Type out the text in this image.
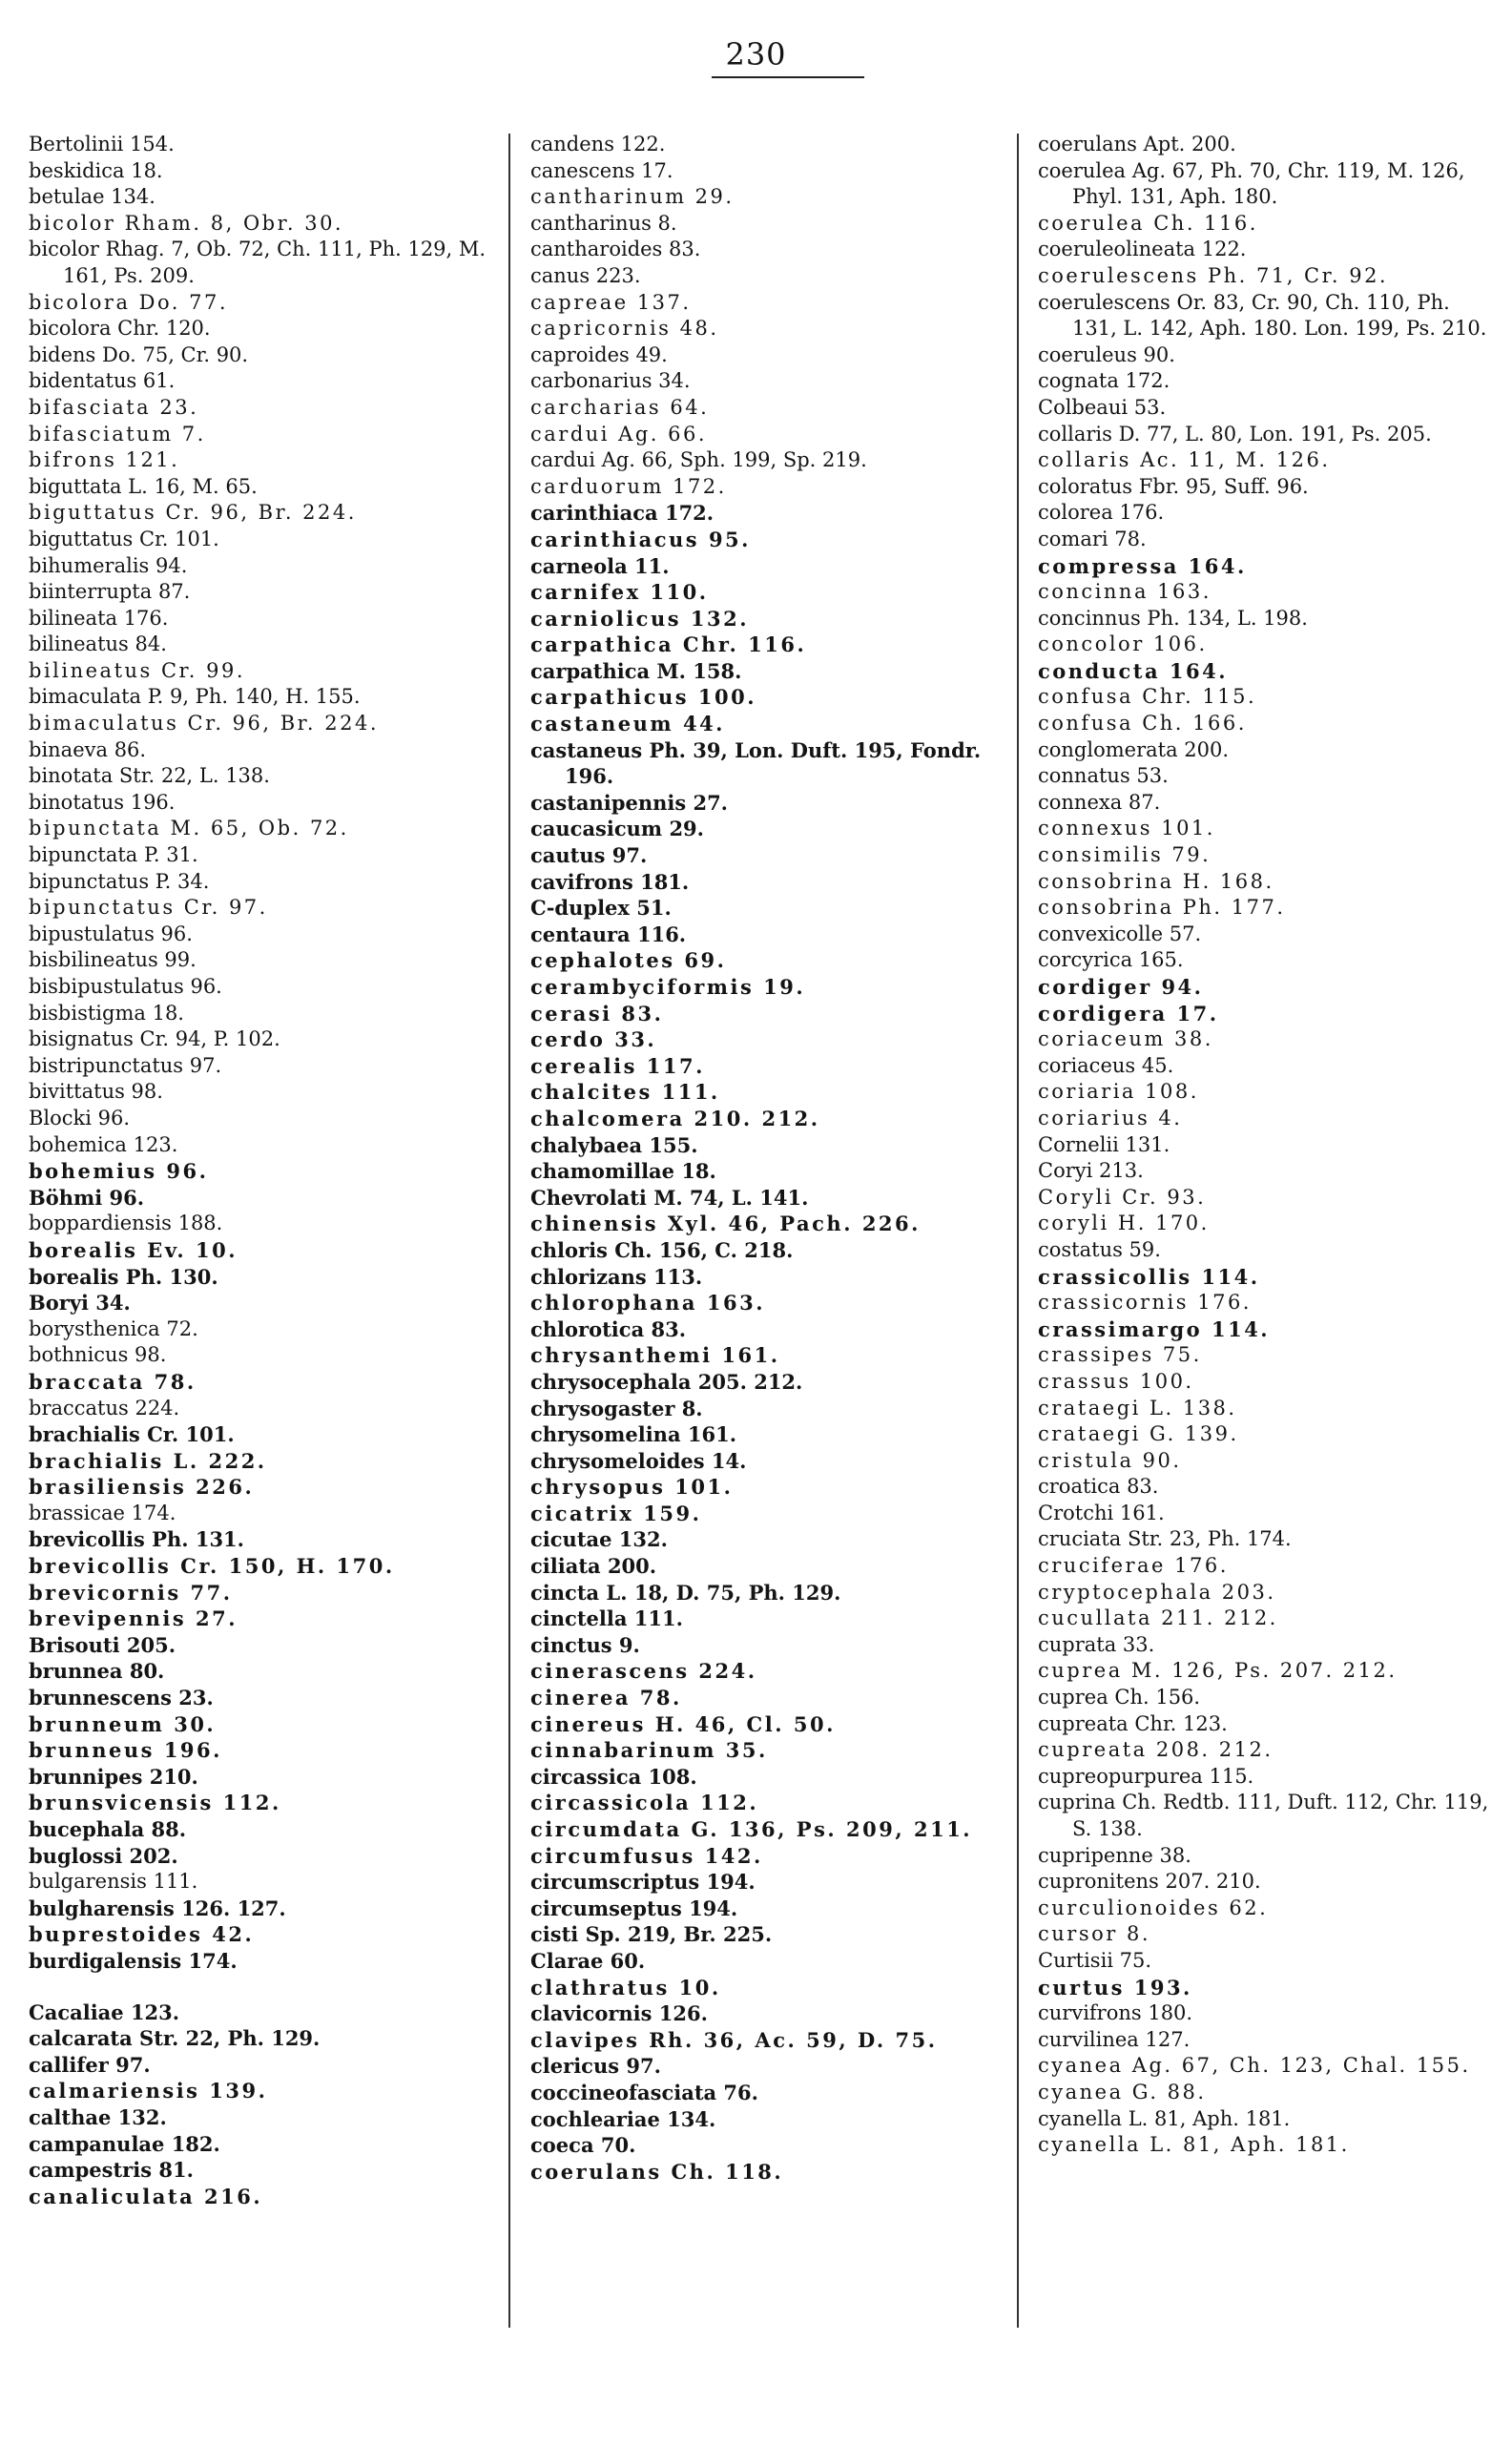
230
Bertolinii 154.
beskidica 18.
betulae 134.
bicolor Rham. 8, Obr. 30.
bicolor Rhag. 7, Ob. 72, Ch. 111, Ph. 129, M. 161, Ps. 209.
bicolora Do. 77.
bicolora Chr. 120.
bidens Do. 75, Cr. 90.
bidentatus 61.
bifasciata 23.
bifasciatum 7.
bifrons 121.
biguttata L. 16, M. 65.
biguttatus Cr. 96, Br. 224.
biguttatus Cr. 101.
bihumeralis 94.
biinterrupta 87.
bilineata 176.
bilineatus 84.
bilineatus Cr. 99.
bimaculata P. 9, Ph. 140, H. 155.
bimaculatus Cr. 96, Br. 224.
binaeva 86.
binotata Str. 22, L. 138.
binotatus 196.
bipunctata M. 65, Ob. 72.
bipunctata P. 31.
bipunctatus P. 34.
bipunctatus Cr. 97.
bipustulatus 96.
bisbilineatus 99.
bisbipustulatus 96.
bisbistigma 18.
bisignatus Cr. 94, P. 102.
bistripunctatus 97.
bivittatus 98.
Blocki 96.
bohemica 123.
bohemius 96.
Böhmi 96.
boppardiensis 188.
borealis Ev. 10.
borealis Ph. 130.
Boryi 34.
borysthenica 72.
bothnicus 98.
braccata 78.
braccatus 224.
brachialis Cr. 101.
brachialis L. 222.
brasiliensis 226.
brassicae 174.
brevicollis Ph. 131.
brevicollis Cr. 150, H. 170.
brevicornis 77.
brevipennis 27.
Brisouti 205.
brunnea 80.
brunnescens 23.
brunneum 30.
brunneus 196.
brunnipes 210.
brunsvicensis 112.
bucephala 88.
buglossi 202.
bulgarensis 111.
bulgharensis 126. 127.
buprestoides 42.
burdigalensis 174.
Cacaliae 123.
calcarata Str. 22, Ph. 129.
callifer 97.
calmariensis 139.
calthae 132.
campanulae 182.
campestris 81.
canaliculata 216.
candens 122.
canescens 17.
cantharinum 29.
cantharinus 8.
cantharoides 83.
canus 223.
capreae 137.
capricornis 48.
caproides 49.
carbonarius 34.
carcharias 64.
cardui Ag. 66.
cardui Ag. 66, Sph. 199, Sp. 219.
carduorum 172.
carinthiaca 172.
carinthiacus 95.
carneola 11.
carnifex 110.
carniolicus 132.
carpathica Chr. 116.
carpathica M. 158.
carpathicus 100.
castaneum 44.
castaneus Ph. 39, Lon. Duft. 195, Fondr. 196.
castanipennis 27.
caucasicum 29.
cautus 97.
cavifrons 181.
C-duplex 51.
centaura 116.
cephalotes 69.
cerambyciformis 19.
cerasi 83.
cerdo 33.
cerealis 117.
chalcites 111.
chalcomera 210. 212.
chalybaea 155.
chamomillae 18.
Chevrolati M. 74, L. 141.
chinensis Xyl. 46, Pach. 226.
chloris Ch. 156, C. 218.
chlorizans 113.
chlorophana 163.
chlorotica 83.
chrysanthemi 161.
chrysocephala 205. 212.
chrysogaster 8.
chrysomelina 161.
chrysomeloides 14.
chrysopus 101.
cicatrix 159.
cicutae 132.
ciliata 200.
cincta L. 18, D. 75, Ph. 129.
cinctella 111.
cinctus 9.
cinerascens 224.
cinerea 78.
cinereus H. 46, Cl. 50.
cinnabarinum 35.
circassica 108.
circassicola 112.
circumdata G. 136, Ps. 209, 211.
circumfusus 142.
circumscriptus 194.
circumseptus 194.
cisti Sp. 219, Br. 225.
Clarae 60.
clathratus 10.
clavicornis 126.
clavipes Rh. 36, Ac. 59, D. 75.
clericus 97.
coccineofasciata 76.
cochleariae 134.
coeca 70.
coerulans Ch. 118.
coerulans Apt. 200.
coerulea Ag. 67, Ph. 70, Chr. 119, M. 126, Phyl. 131, Aph. 180.
coerulea Ch. 116.
coeruleolineata 122.
coerulescens Ph. 71, Cr. 92.
coerulescens Or. 83, Cr. 90, Ch. 110, Ph. 131, L. 142, Aph. 180. Lon. 199, Ps. 210.
coeruleus 90.
cognata 172.
Colbeaui 53.
collaris D. 77, L. 80, Lon. 191, Ps. 205.
collaris Ac. 11, M. 126.
coloratus Fbr. 95, Suff. 96.
colorea 176.
comari 78.
compressa 164.
concinna 163.
concinnus Ph. 134, L. 198.
concolor 106.
conducta 164.
confusa Chr. 115.
confusa Ch. 166.
conglomerata 200.
connatus 53.
connexa 87.
connexus 101.
consimilis 79.
consobrina H. 168.
consobrina Ph. 177.
convexicolle 57.
corcyrica 165.
cordiger 94.
cordigera 17.
coriaceum 38.
coriaceus 45.
coriaria 108.
coriarius 4.
Cornelii 131.
Coryi 213.
Coryli Cr. 93.
coryli H. 170.
costatus 59.
crassicollis 114.
crassicornis 176.
crassimargo 114.
crassipes 75.
crassus 100.
crataegi L. 138.
crataegi G. 139.
cristula 90.
croatica 83.
Crotchi 161.
cruciata Str. 23, Ph. 174.
cruciferae 176.
cryptocephala 203.
cucullata 211. 212.
cuprata 33.
cuprea M. 126, Ps. 207. 212.
cuprea Ch. 156.
cupreata Chr. 123.
cupreata 208. 212.
cupreopurpurea 115.
cuprina Ch. Redtb. 111, Duft. 112, Chr. 119, S. 138.
cupripenne 38.
cupronitens 207. 210.
curculionoides 62.
cursor 8.
Curtisii 75.
curtus 193.
curvifrons 180.
curvilinea 127.
cyanea Ag. 67, Ch. 123, Chal. 155.
cyanea G. 88.
cyanella L. 81, Aph. 181.
cyanella L. 81, Aph. 181.
